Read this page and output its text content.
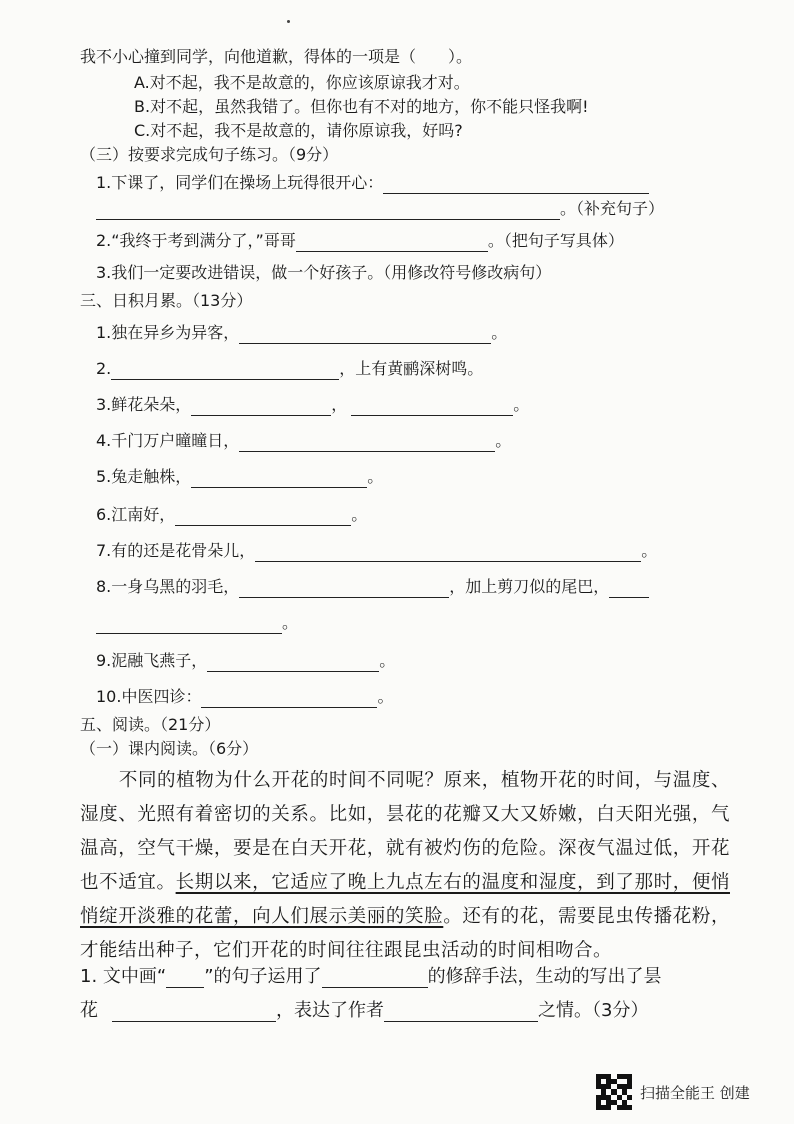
我不小心撞到同学，向他道歉，得体的一项是（　　）。
A.对不起，我不是故意的，你应该原谅我才对。
B.对不起，虽然我错了。但你也有不对的地方，你不能只怪我啊!
C.对不起，我不是故意的，请你原谅我，好吗?
（三）按要求完成句子练习。（9分）
1.下课了，同学们在操场上玩得很开心：
。（补充句子）
2.“我终于考到满分了，”哥哥	。（把句子写具体）
3.我们一定要改进错误，做一个好孩子。（用修改符号修改病句）
三、日积月累。（13分）
1.独在异乡为异客，	。
2.	，上有黄鹂深树鸣。
3.鲜花朵朵，	，	。
4.千门万户曈曈日，	。
5.兔走触株，	。
6.江南好，	。
7.有的还是花骨朵儿，	。
8.一身乌黑的羽毛，	，加上剪刀似的尾巴，
。
9.泥融飞燕子，	。
10.中医四诊：	。
五、阅读。（21分）
（一）课内阅读。（6分）

不同的植物为什么开花的时间不同呢？原来，植物开花的时间，与温度、湿度、光照有着密切的关系。比如，昙花的花瓣又大又娇嫩，白天阳光强，气温高，空气干燥，要是在白天开花，就有被灼伤的危险。深夜气温过低，开花也不适宜。长期以来，它适应了晚上九点左右的温度和湿度，到了那时，便悄悄绽开淡雅的花蕾，向人们展示美丽的笑脸。还有的花，需要昆虫传播花粉，才能结出种子，它们开花的时间往往跟昆虫活动的时间相吻合。

1. 文中画“ ”的句子运用了	的修辞手法，生动的写出了昙
花	，表达了作者	之情。（3分）
扫描全能王 创建
